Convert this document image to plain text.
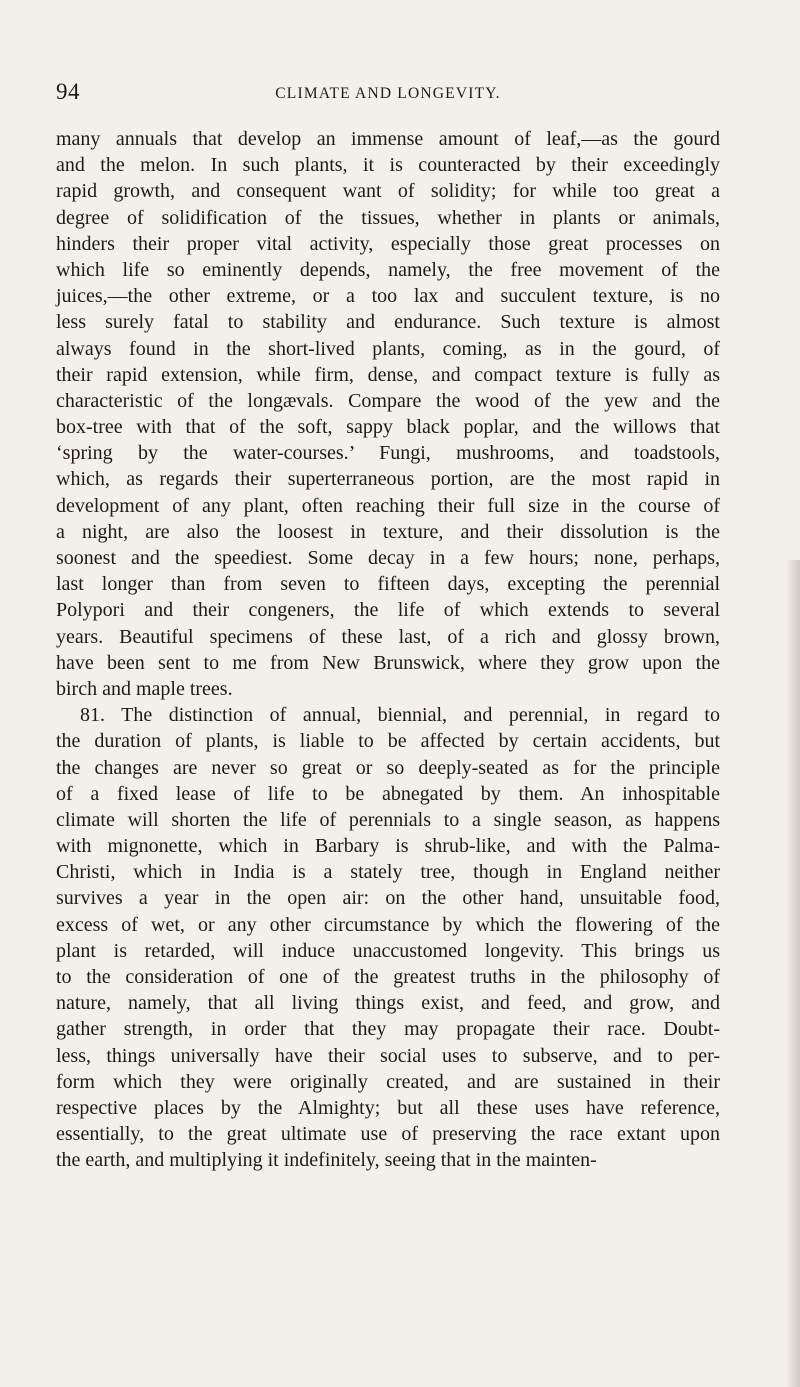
94	CLIMATE AND LONGEVITY.
many annuals that develop an immense amount of leaf,—as the gourd
and the melon. In such plants, it is counteracted by their exceedingly
rapid growth, and consequent want of solidity; for while too great a
degree of solidification of the tissues, whether in plants or animals,
hinders their proper vital activity, especially those great processes on
which life so eminently depends, namely, the free movement of the
juices,—the other extreme, or a too lax and succulent texture, is no
less surely fatal to stability and endurance. Such texture is almost
always found in the short-lived plants, coming, as in the gourd, of
their rapid extension, while firm, dense, and compact texture is fully as
characteristic of the longævals. Compare the wood of the yew and the
box-tree with that of the soft, sappy black poplar, and the willows that
‘spring by the water-courses.’ Fungi, mushrooms, and toadstools,
which, as regards their superterraneous portion, are the most rapid in
development of any plant, often reaching their full size in the course of
a night, are also the loosest in texture, and their dissolution is the
soonest and the speediest. Some decay in a few hours; none, perhaps,
last longer than from seven to fifteen days, excepting the perennial
Polypori and their congeners, the life of which extends to several
years. Beautiful specimens of these last, of a rich and glossy brown,
have been sent to me from New Brunswick, where they grow upon the
birch and maple trees.
81. The distinction of annual, biennial, and perennial, in regard to
the duration of plants, is liable to be affected by certain accidents, but
the changes are never so great or so deeply-seated as for the principle
of a fixed lease of life to be abnegated by them. An inhospitable
climate will shorten the life of perennials to a single season, as happens
with mignonette, which in Barbary is shrub-like, and with the Palma-
Christi, which in India is a stately tree, though in England neither
survives a year in the open air: on the other hand, unsuitable food,
excess of wet, or any other circumstance by which the flowering of the
plant is retarded, will induce unaccustomed longevity. This brings us
to the consideration of one of the greatest truths in the philosophy of
nature, namely, that all living things exist, and feed, and grow, and
gather strength, in order that they may propagate their race. Doubt-
less, things universally have their social uses to subserve, and to per-
form which they were originally created, and are sustained in their
respective places by the Almighty; but all these uses have reference,
essentially, to the great ultimate use of preserving the race extant upon
the earth, and multiplying it indefinitely, seeing that in the mainten-
